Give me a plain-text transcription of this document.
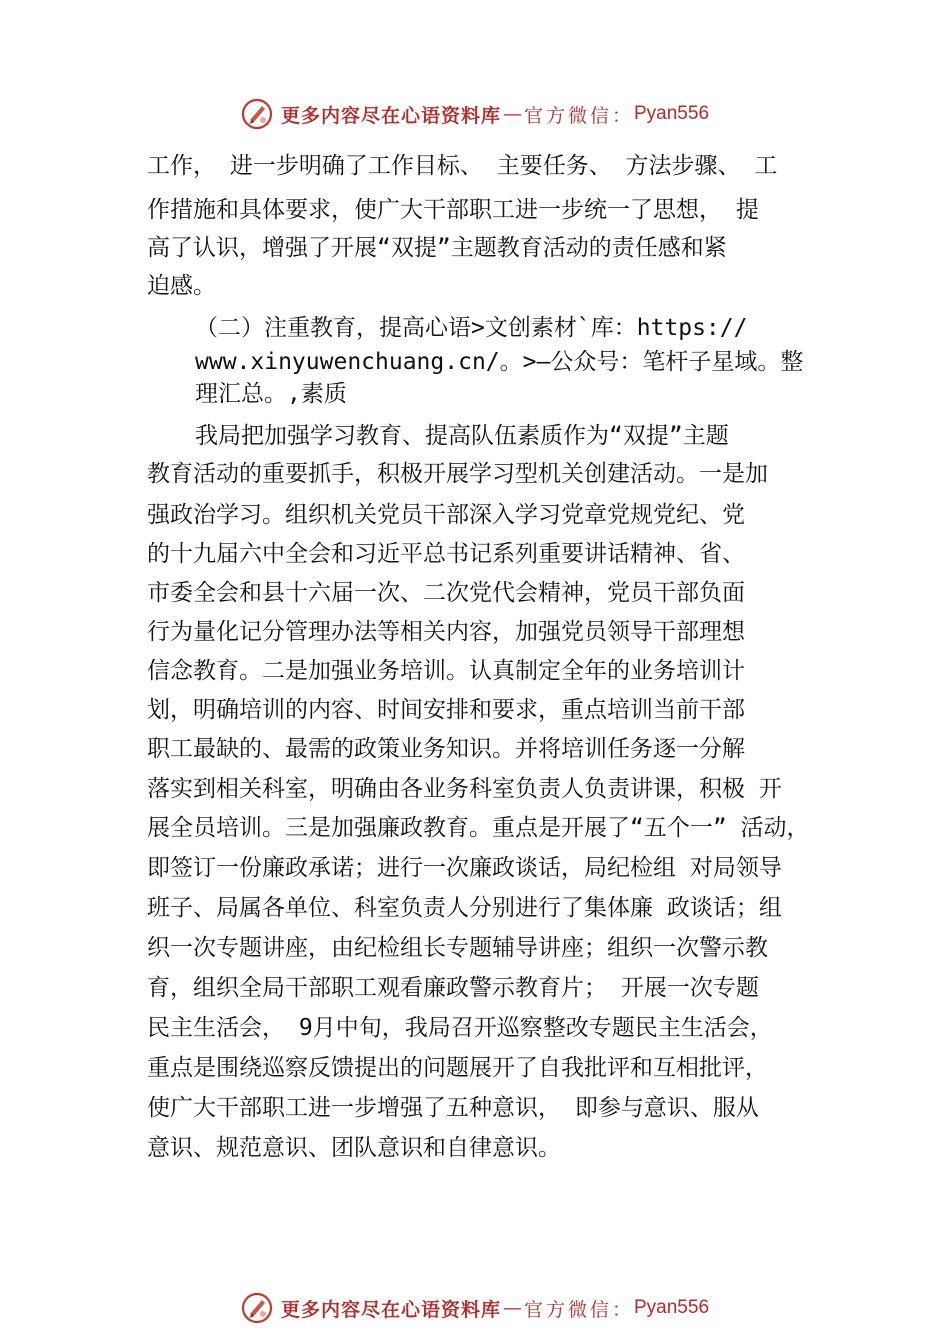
更多内容尽在心语资料库 — 官方微信： Pyan556
工作， 进一步明确了工作目标、 主要任务、 方法步骤、 工
作措施和具体要求，使广大干部职工进一步统一了思想， 提
高了认识，增强了开展“双提”主题教育活动的责任感和紧
迫感。
（二）注重教育，提高心语>文创素材`库：https://
www.xinyuwenchuang.cn/。>—公众号：笔杆子星域。整
理汇总。,素质
我局把加强学习教育、提高队伍素质作为“双提”主题
教育活动的重要抓手，积极开展学习型机关创建活动。一是加
强政治学习。组织机关党员干部深入学习党章党规党纪、党
的十九届六中全会和习近平总书记系列重要讲话精神、省、
市委全会和县十六届一次、二次党代会精神，党员干部负面
行为量化记分管理办法等相关内容，加强党员领导干部理想
信念教育。二是加强业务培训。认真制定全年的业务培训计
划，明确培训的内容、时间安排和要求，重点培训当前干部
职工最缺的、最需的政策业务知识。并将培训任务逐一分解
落实到相关科室，明确由各业务科室负责人负责讲课，积极 开
展全员培训。三是加强廉政教育。重点是开展了“五个一” 活动，
即签订一份廉政承诺；进行一次廉政谈话，局纪检组 对局领导
班子、局属各单位、科室负责人分别进行了集体廉 政谈话；组
织一次专题讲座，由纪检组长专题辅导讲座；组织一次警示教
育，组织全局干部职工观看廉政警示教育片； 开展一次专题
民主生活会， 9月中旬，我局召开巡察整改专题民主生活会，
重点是围绕巡察反馈提出的问题展开了自我批评和互相批评，
使广大干部职工进一步增强了五种意识， 即参与意识、服从
意识、规范意识、团队意识和自律意识。
更多内容尽在心语资料库 — 官方微信： Pyan556
